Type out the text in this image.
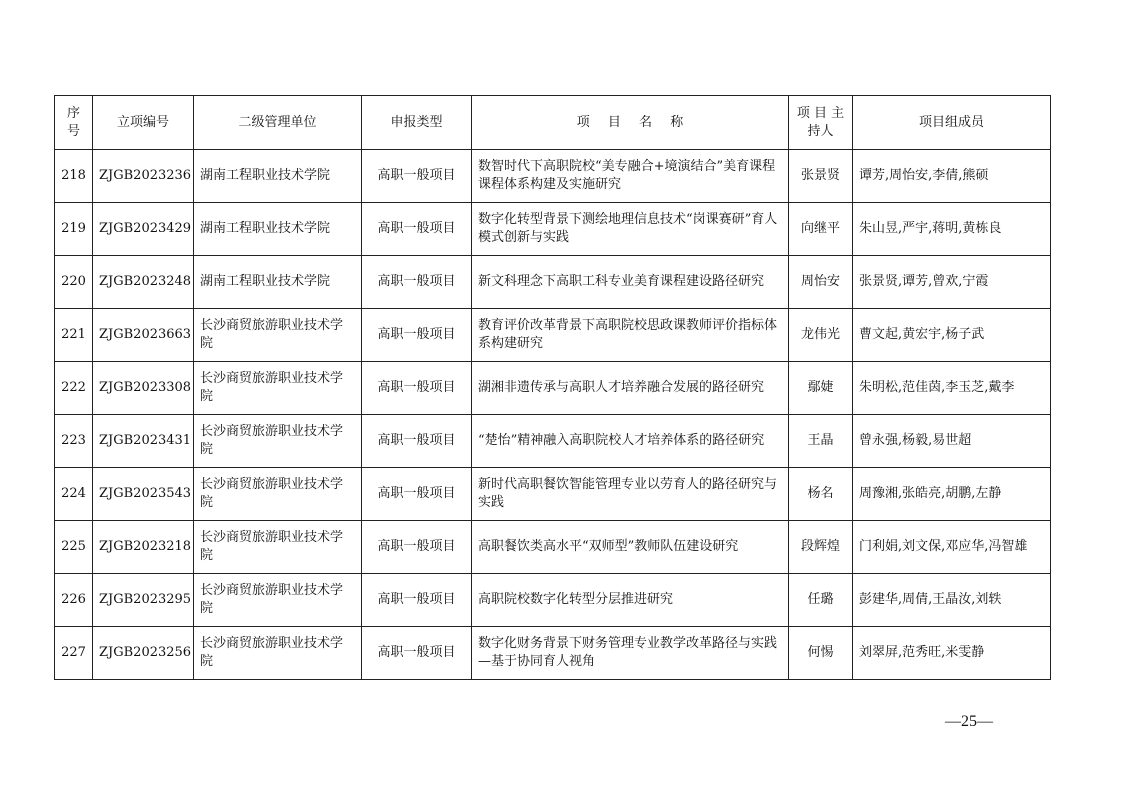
序号	立项编号	二级管理单位	申报类型	项 目 名 称	项 目 主持人	项目组成员
218	ZJGB2023236	湖南工程职业技术学院	高职一般项目	数智时代下高职院校“美专融合+境演结合”美育课程课程体系构建及实施研究	张景贤	谭芳,周怡安,李倩,熊硕
219	ZJGB2023429	湖南工程职业技术学院	高职一般项目	数字化转型背景下测绘地理信息技术“岗课赛研”育人模式创新与实践	向继平	朱山昱,严宇,蒋明,黄栋良
220	ZJGB2023248	湖南工程职业技术学院	高职一般项目	新文科理念下高职工科专业美育课程建设路径研究	周怡安	张景贤,谭芳,曾欢,宁霞
221	ZJGB2023663	长沙商贸旅游职业技术学院	高职一般项目	教育评价改革背景下高职院校思政课教师评价指标体系构建研究	龙伟光	曹文起,黄宏宇,杨子武
222	ZJGB2023308	长沙商贸旅游职业技术学院	高职一般项目	湖湘非遗传承与高职人才培养融合发展的路径研究	鄢婕	朱明松,范佳茵,李玉芝,戴李
223	ZJGB2023431	长沙商贸旅游职业技术学院	高职一般项目	“楚怡”精神融入高职院校人才培养体系的路径研究	王晶	曾永强,杨毅,易世超
224	ZJGB2023543	长沙商贸旅游职业技术学院	高职一般项目	新时代高职餐饮智能管理专业以劳育人的路径研究与实践	杨名	周豫湘,张皓亮,胡鹏,左静
225	ZJGB2023218	长沙商贸旅游职业技术学院	高职一般项目	高职餐饮类高水平“双师型”教师队伍建设研究	段辉煌	门利娟,刘文保,邓应华,冯智雄
226	ZJGB2023295	长沙商贸旅游职业技术学院	高职一般项目	高职院校数字化转型分层推进研究	任璐	彭建华,周倩,王晶汝,刘轶
227	ZJGB2023256	长沙商贸旅游职业技术学院	高职一般项目	数字化财务背景下财务管理专业教学改革路径与实践—基于协同育人视角	何惕	刘翠屏,范秀旺,米雯静
—25—
